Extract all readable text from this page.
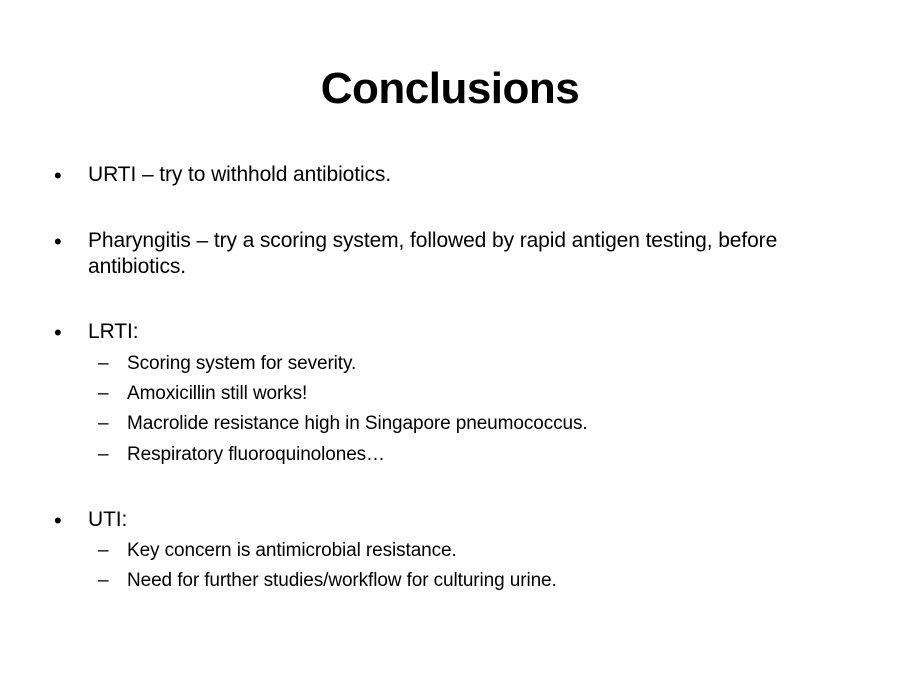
Conclusions
• URTI – try to withhold antibiotics.
• Pharyngitis – try a scoring system, followed by rapid antigen testing, before antibiotics.
• LRTI:
– Scoring system for severity.
– Amoxicillin still works!
– Macrolide resistance high in Singapore pneumococcus.
– Respiratory fluoroquinolones…
• UTI:
– Key concern is antimicrobial resistance.
– Need for further studies/workflow for culturing urine.
